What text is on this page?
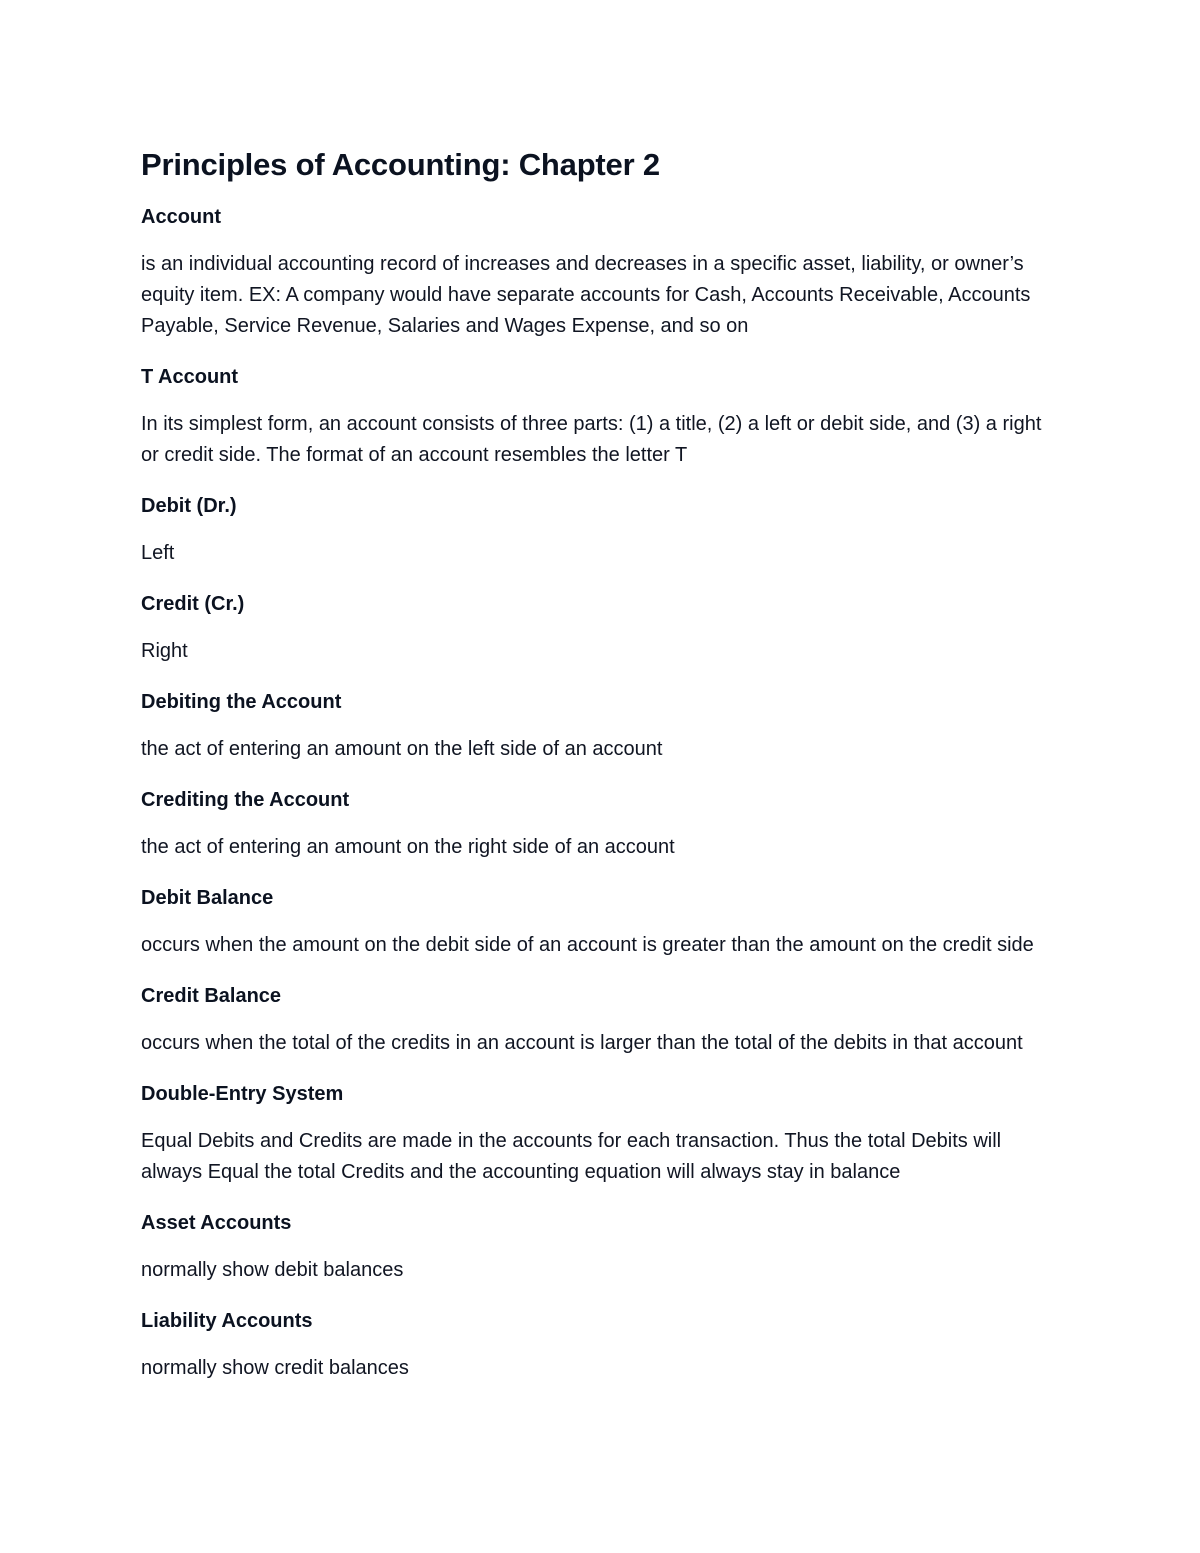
Principles of Accounting: Chapter 2

Account

is an individual accounting record of increases and decreases in a specific asset, liability, or owner’s equity item. EX: A company would have separate accounts for Cash, Accounts Receivable, Accounts Payable, Service Revenue, Salaries and Wages Expense, and so on

T Account

In its simplest form, an account consists of three parts: (1) a title, (2) a left or debit side, and (3) a right or credit side. The format of an account resembles the letter T

Debit (Dr.)

Left

Credit (Cr.)

Right

Debiting the Account

the act of entering an amount on the left side of an account

Crediting the Account

the act of entering an amount on the right side of an account

Debit Balance

occurs when the amount on the debit side of an account is greater than the amount on the credit side

Credit Balance

occurs when the total of the credits in an account is larger than the total of the debits in that account

Double-Entry System

Equal Debits and Credits are made in the accounts for each transaction. Thus the total Debits will always Equal the total Credits and the accounting equation will always stay in balance

Asset Accounts

normally show debit balances

Liability Accounts

normally show credit balances
